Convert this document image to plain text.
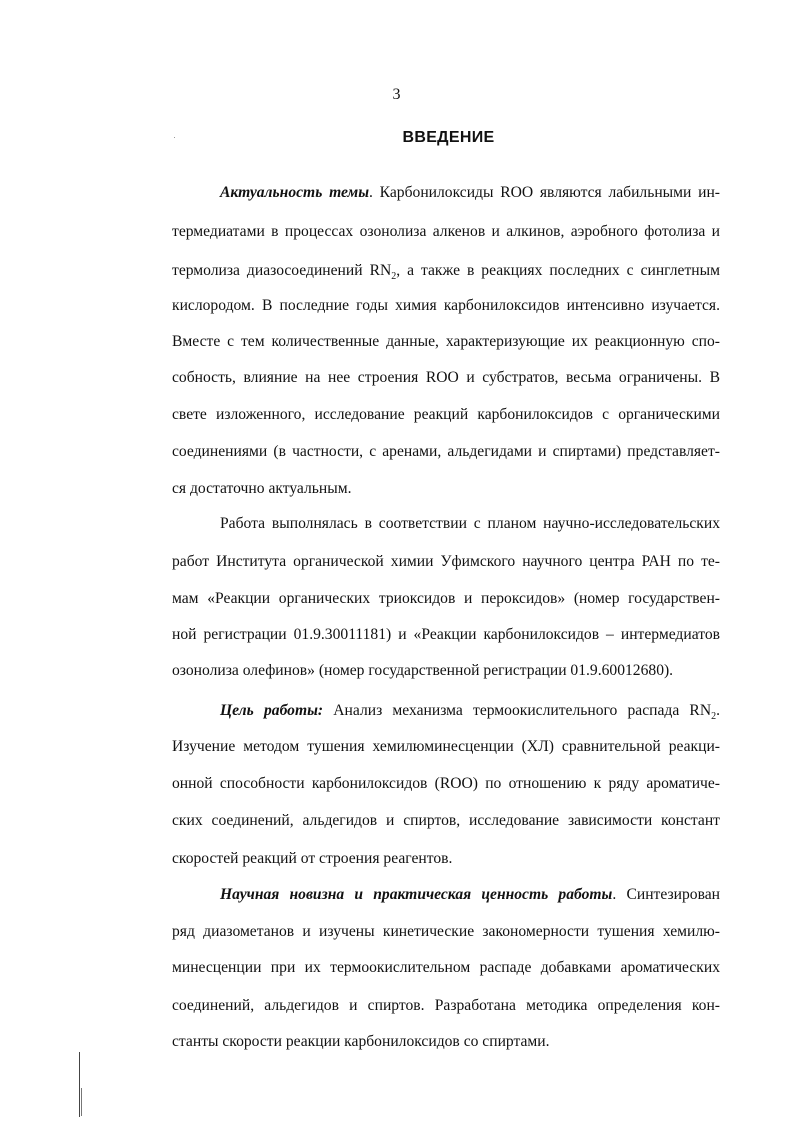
3
ВВЕДЕНИЕ
Актуальность темы. Карбонилоксиды ROO являются лабильными ин-
термедиатами в процессах озонолиза алкенов и алкинов, аэробного фотолиза и
термолиза диазосоединений $RN_2$, а также в реакциях последних с синглетным
кислородом. В последние годы химия карбонилоксидов интенсивно изучается.
Вместе с тем количественные данные, характеризующие их реакционную спо-
собность, влияние на нее строения ROO и субстратов, весьма ограничены. В
свете изложенного, исследование реакций карбонилоксидов с органическими
соединениями (в частности, с аренами, альдегидами и спиртами) представляет-
ся достаточно актуальным.
Работа выполнялась в соответствии с планом научно-исследовательских
работ Института органической химии Уфимского научного центра РАН по те-
мам «Реакции органических триоксидов и пероксидов» (номер государствен-
ной регистрации 01.9.30011181) и «Реакции карбонилоксидов – интермедиатов
озонолиза олефинов» (номер государственной регистрации 01.9.60012680).
Цель работы: Анализ механизма термоокислительного распада $RN_2$.
Изучение методом тушения хемилюминесценции (ХЛ) сравнительной реакци-
онной способности карбонилоксидов (ROO) по отношению к ряду ароматиче-
ских соединений, альдегидов и спиртов, исследование зависимости констант
скоростей реакций от строения реагентов.
Научная новизна и практическая ценность работы. Синтезирован
ряд диазометанов и изучены кинетические закономерности тушения хемилю-
минесценции при их термоокислительном распаде добавками ароматических
соединений, альдегидов и спиртов. Разработана методика определения кон-
станты скорости реакции карбонилоксидов со спиртами.
